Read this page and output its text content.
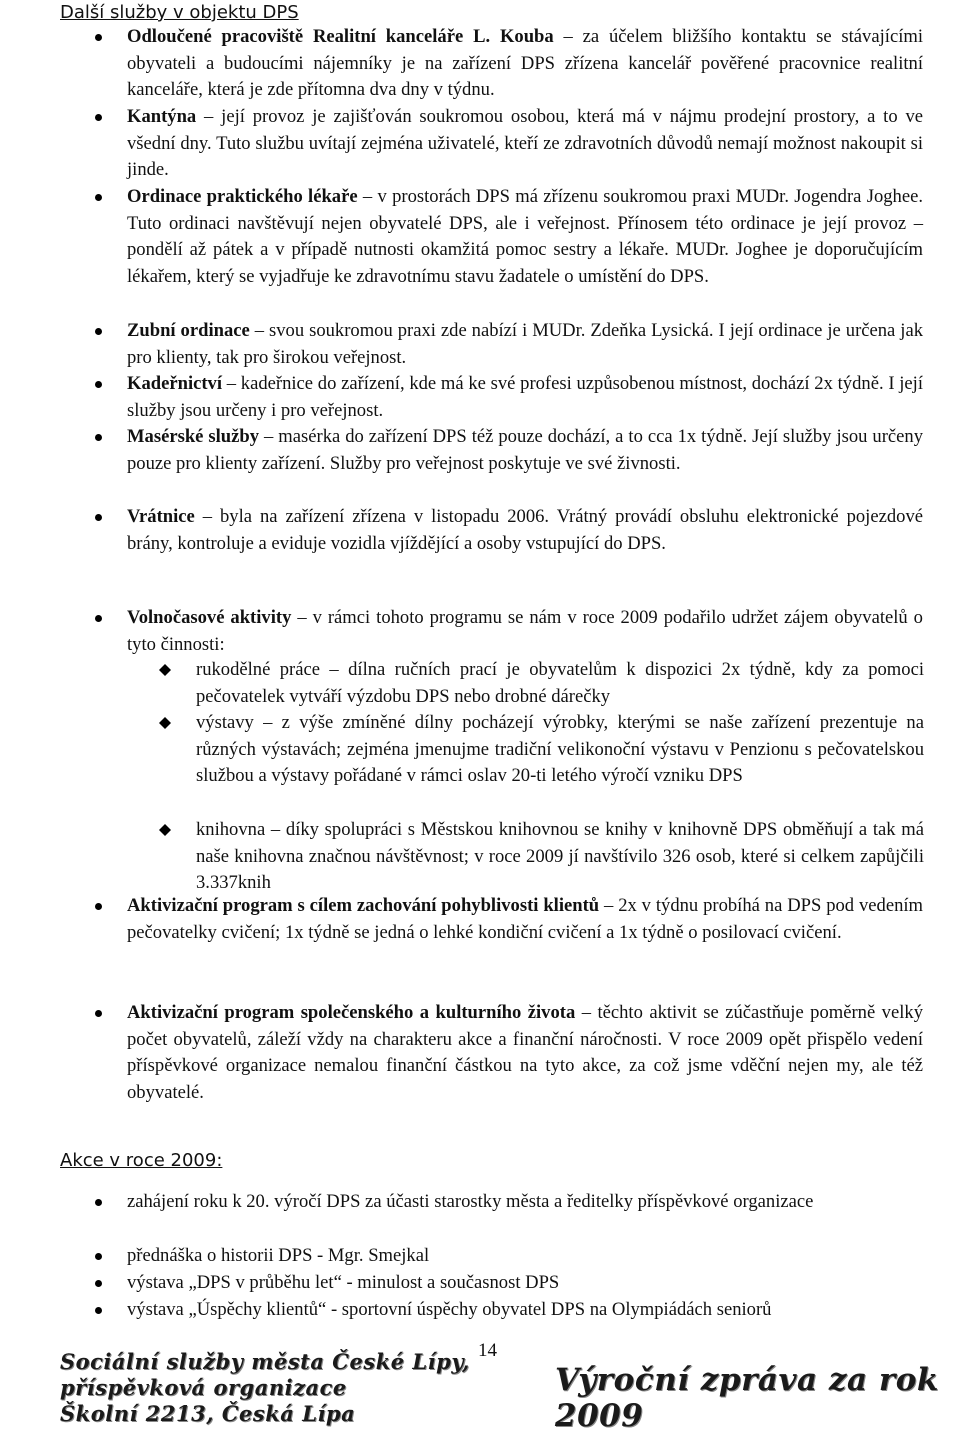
Další služby v objektu DPS
Odloučené pracoviště Realitní kanceláře L. Kouba – za účelem bližšího kontaktu se stávajícími obyvateli a budoucími nájemníky je na zařízení DPS zřízena kancelář pověřené pracovnice realitní kanceláře, která je zde přítomna dva dny v týdnu.
Kantýna – její provoz je zajišťován soukromou osobou, která má v nájmu prodejní prostory, a to ve všední dny. Tuto službu uvítají zejména uživatelé, kteří ze zdravotních důvodů nemají možnost nakoupit si jinde.
Ordinace praktického lékaře – v prostorách DPS má zřízenu soukromou praxi MUDr. Jogendra Joghee. Tuto ordinaci navštěvují nejen obyvatelé DPS, ale i veřejnost. Přínosem této ordinace je její provoz – pondělí až pátek a v případě nutnosti okamžitá pomoc sestry a lékaře. MUDr. Joghee je doporučujícím lékařem, který se vyjadřuje ke zdravotnímu stavu žadatele o umístění do DPS.
Zubní ordinace – svou soukromou praxi zde nabízí i MUDr. Zdeňka Lysická. I její ordinace je určena jak pro klienty, tak pro širokou veřejnost.
Kadeřnictví – kadeřnice do zařízení, kde má ke své profesi uzpůsobenou místnost, dochází 2x týdně. I její služby jsou určeny i pro veřejnost.
Masérské služby – masérka do zařízení DPS též pouze dochází, a to cca 1x týdně. Její služby jsou určeny pouze pro klienty zařízení. Služby pro veřejnost poskytuje ve své živnosti.
Vrátnice – byla na zařízení zřízena v listopadu 2006. Vrátný provádí obsluhu elektronické pojezdové brány, kontroluje a eviduje vozidla vjíždějící a osoby vstupující do DPS.
Volnočasové aktivity – v rámci tohoto programu se nám v roce 2009 podařilo udržet zájem obyvatelů o tyto činnosti:
Aktivizační program s cílem zachování pohyblivosti klientů – 2x v týdnu probíhá na DPS pod vedením pečovatelky cvičení; 1x týdně se jedná o lehké kondiční cvičení a 1x týdně o posilovací cvičení.
Aktivizační program společenského a kulturního života – těchto aktivit se zúčastňuje poměrně velký počet obyvatelů, záleží vždy na charakteru akce a finanční náročnosti. V roce 2009 opět přispělo vedení příspěvkové organizace nemalou finanční částkou na tyto akce, za což jsme vděční nejen my, ale též obyvatelé.
rukodělné práce – dílna ručních prací je obyvatelům k dispozici 2x týdně, kdy za pomoci pečovatelek vytváří výzdobu DPS nebo drobné dárečky
výstavy – z výše zmíněné dílny pocházejí výrobky, kterými se naše zařízení prezentuje na různých výstavách; zejména jmenujme tradiční velikonoční výstavu v Penzionu s pečovatelskou službou a výstavy pořádané v rámci oslav 20-ti letého výročí vzniku DPS
knihovna – díky spolupráci s Městskou knihovnou se knihy v knihovně DPS obměňují a tak má naše knihovna značnou návštěvnost; v roce 2009 jí navštívilo 326 osob, které si celkem zapůjčili 3.337knih
Akce v roce 2009:
zahájení roku k 20. výročí DPS za účasti starostky města a ředitelky příspěvkové organizace
přednáška o historii DPS - Mgr. Smejkal
výstava „DPS v průběhu let“ - minulost a současnost DPS
výstava „Úspěchy klientů“ - sportovní úspěchy obyvatel DPS na Olympiádách seniorů
14
Sociální služby města České Lípy,
příspěvková organizace
Školní 2213, Česká Lípa
Výroční zpráva za rok 2009
